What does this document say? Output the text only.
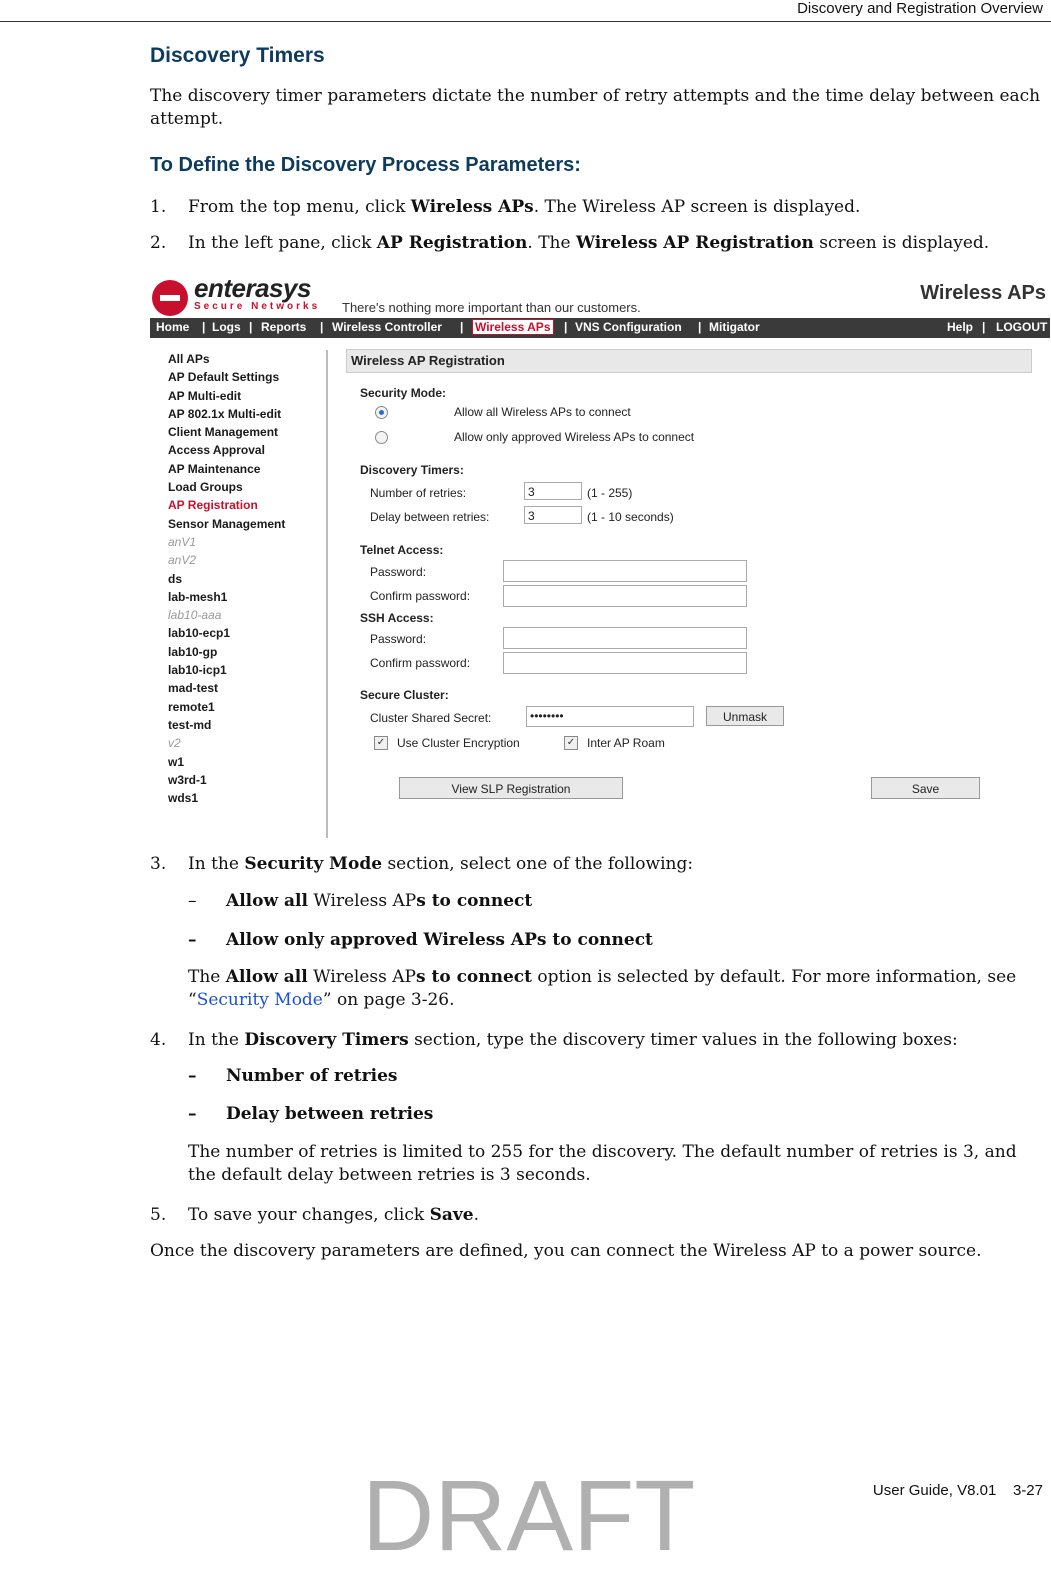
Discovery and Registration Overview
Discovery Timers
The discovery timer parameters dictate the number of retry attempts and the time delay between each attempt.
To Define the Discovery Process Parameters:
1. From the top menu, click Wireless APs. The Wireless AP screen is displayed.
2. In the left pane, click AP Registration. The Wireless AP Registration screen is displayed.
enterasys
Secure Networks There's nothing more important than our customers.
Wireless APs
Home | Logs | Reports | Wireless Controller | Wireless APs | VNS Configuration | Mitigator	Help | LOGOUT
All APs
AP Default Settings
AP Multi-edit
AP 802.1x Multi-edit
Client Management
Access Approval
AP Maintenance
Load Groups
AP Registration
Sensor Management
anV1
anV2
ds
lab-mesh1
lab10-aaa
lab10-ecp1
lab10-gp
lab10-icp1
mad-test
remote1
test-md
v2
w1
w3rd-1
wds1
Wireless AP Registration
Security Mode:
Allow all Wireless APs to connect
Allow only approved Wireless APs to connect
Discovery Timers:
Number of retries:	3	(1 - 255)
Delay between retries:	3	(1 - 10 seconds)
Telnet Access:
Password:
Confirm password:
SSH Access:
Password:
Confirm password:
Secure Cluster:
Cluster Shared Secret:	••••••••	Unmask
✓ Use Cluster Encryption	✓ Inter AP Roam
View SLP Registration	Save
3. In the Security Mode section, select one of the following:
– Allow all Wireless APs to connect
– Allow only approved Wireless APs to connect
The Allow all Wireless APs to connect option is selected by default. For more information, see “Security Mode” on page 3-26.
4. In the Discovery Timers section, type the discovery timer values in the following boxes:
– Number of retries
– Delay between retries
The number of retries is limited to 255 for the discovery. The default number of retries is 3, and the default delay between retries is 3 seconds.
5. To save your changes, click Save.
Once the discovery parameters are defined, you can connect the Wireless AP to a power source.
DRAFT	User Guide, V8.01    3-27
